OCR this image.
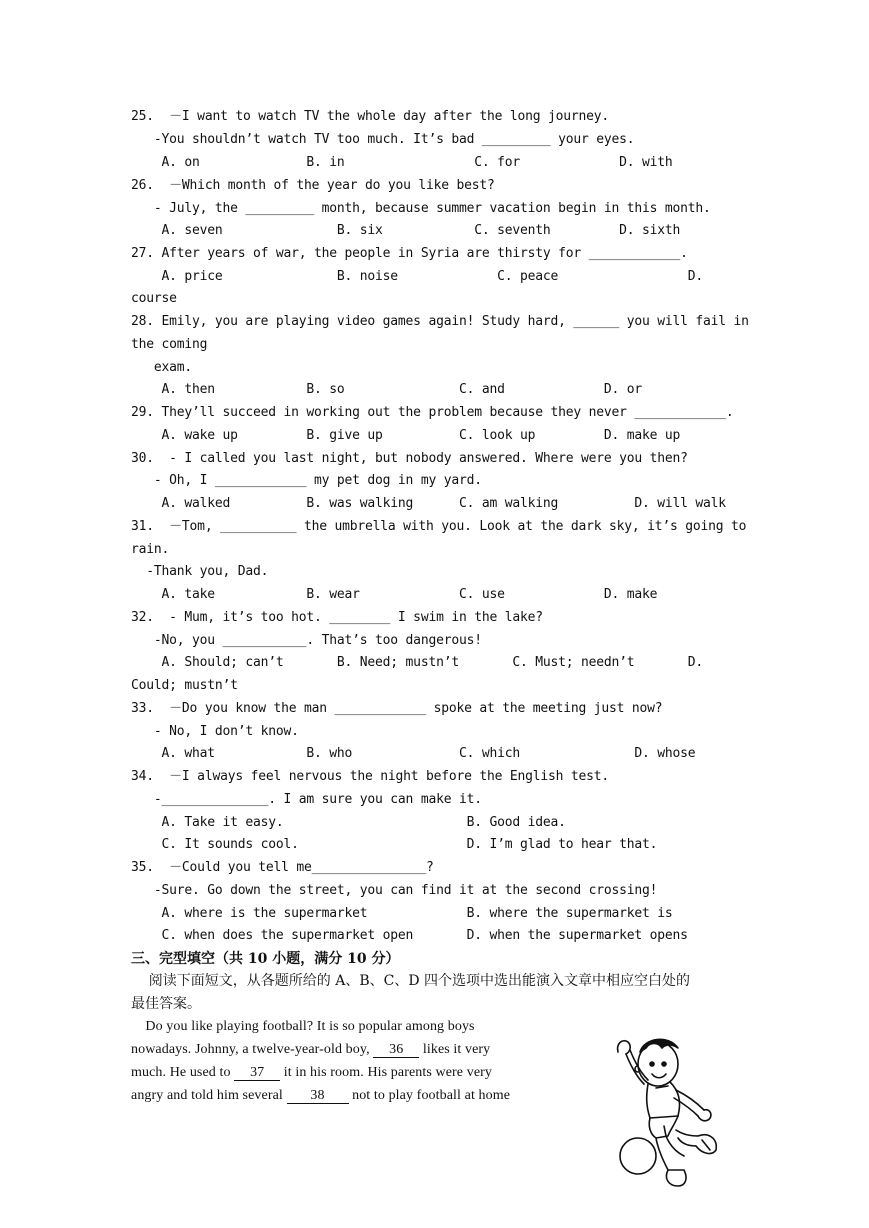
25.  －I want to watch TV the whole day after the long journey.
-You shouldn’t watch TV too much. It’s bad _________ your eyes.
A. on              B. in                 C. for             D. with
26.  －Which month of the year do you like best?
- July, the _________ month, because summer vacation begin in this month.
A. seven               B. six            C. seventh         D. sixth
27. After years of war, the people in Syria are thirsty for ____________.
A. price               B. noise             C. peace                 D.
course
28. Emily, you are playing video games again! Study hard, ______ you will fail in
the coming
exam.
A. then            B. so               C. and             D. or
29. They’ll succeed in working out the problem because they never ____________.
A. wake up         B. give up          C. look up         D. make up
30.  - I called you last night, but nobody answered. Where were you then?
- Oh, I ____________ my pet dog in my yard.
A. walked          B. was walking      C. am walking          D. will walk
31.  －Tom, __________ the umbrella with you. Look at the dark sky, it’s going to
rain.
-Thank you, Dad.
A. take            B. wear             C. use             D. make
32.  - Mum, it’s too hot. ________ I swim in the lake?
-No, you ___________. That’s too dangerous!
A. Should; can’t       B. Need; mustn’t       C. Must; needn’t       D.
Could; mustn’t
33.  －Do you know the man ____________ spoke at the meeting just now?
- No, I don’t know.
A. what            B. who              C. which               D. whose
34.  －I always feel nervous the night before the English test.
-______________. I am sure you can make it.
A. Take it easy.                        B. Good idea.
C. It sounds cool.                      D. I’m glad to hear that.
35.  －Could you tell me_______________?
-Sure. Go down the street, you can find it at the second crossing!
A. where is the supermarket             B. where the supermarket is
C. when does the supermarket open       D. when the supermarket opens
三、完型填空（共 10 小题，满分 10 分）
阅读下面短文，从各题所给的 A、B、C、D 四个选项中选出能演入文章中相应空白处的
最佳答案。
Do you like playing football? It is so popular among boys
nowadays. Johnny, a twelve-year-old boy, 36 likes it very
much. He used to 37 it in his room. His parents were very
angry and told him several 38 not to play football at home
